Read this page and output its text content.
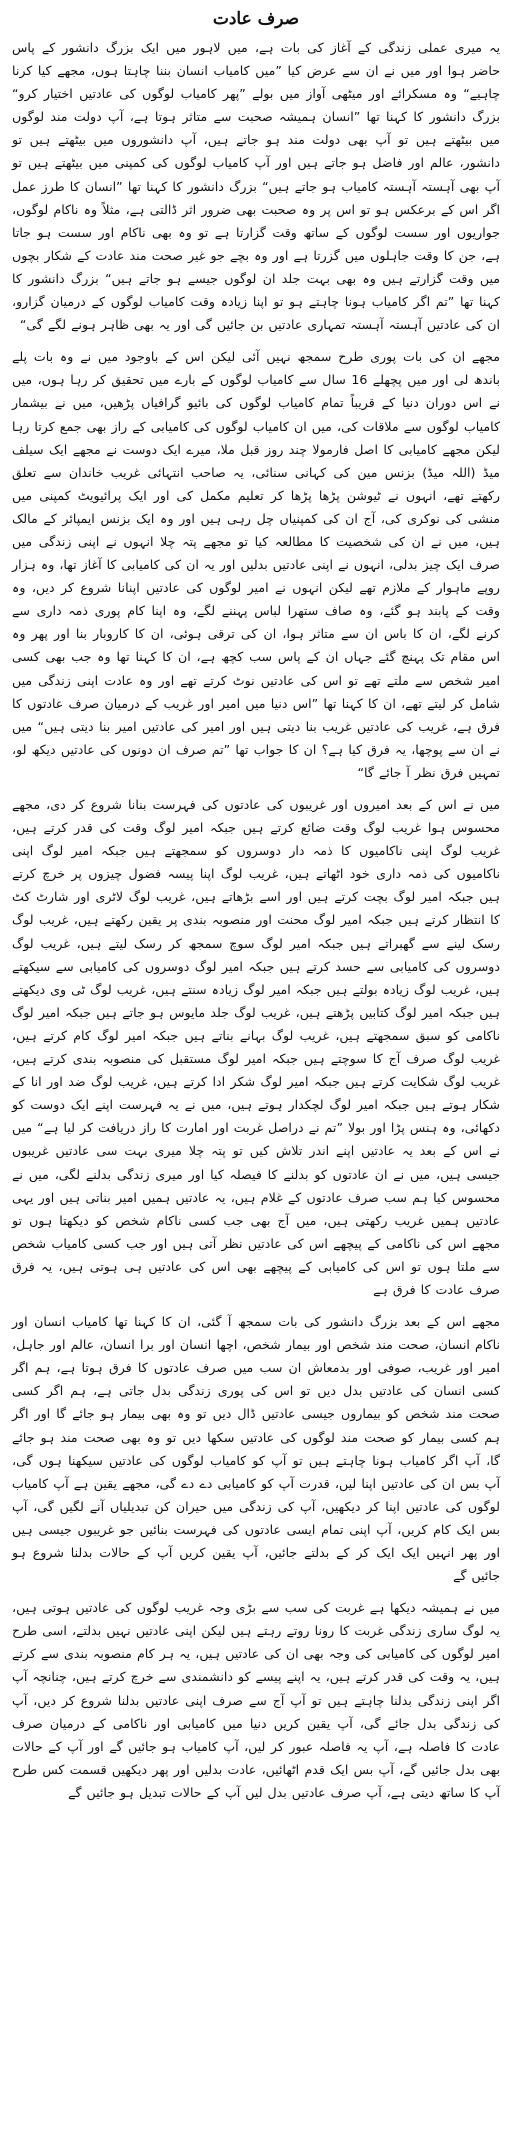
صرف عادت

یہ میری عملی زندگی کے آغاز کی بات ہے، میں لاہور میں ایک بزرگ دانشور کے پاس حاضر ہوا اور میں نے ان سے عرض کیا ”میں کامیاب انسان بننا چاہتا ہوں، مجھے کیا کرنا چاہیے“ وہ مسکرائے اور میٹھی آواز میں بولے ”پھر کامیاب لوگوں کی عادتیں اختیار کرو“ بزرگ دانشور کا کہنا تھا ”انسان ہمیشہ صحبت سے متاثر ہوتا ہے، آپ دولت مند لوگوں میں بیٹھتے ہیں تو آپ بھی دولت مند ہو جاتے ہیں، آپ دانشوروں میں بیٹھتے ہیں تو دانشور، عالم اور فاضل ہو جاتے ہیں اور آپ کامیاب لوگوں کی کمپنی میں بیٹھتے ہیں تو آپ بھی آہستہ آہستہ کامیاب ہو جاتے ہیں“ بزرگ دانشور کا کہنا تھا ”انسان کا طرز عمل اگر اس کے برعکس ہو تو اس پر وہ صحبت بھی ضرور اثر ڈالتی ہے، مثلاً وہ ناکام لوگوں، جواریوں اور سست لوگوں کے ساتھ وقت گزارتا ہے تو وہ بھی ناکام اور سست ہو جاتا ہے، جن کا وقت جاہلوں میں گزرتا ہے اور وہ بچے جو غیر صحت مند عادت کے شکار بچوں میں وقت گزارتے ہیں وہ بھی بہت جلد ان لوگوں جیسے ہو جاتے ہیں“ بزرگ دانشور کا کہنا تھا ”تم اگر کامیاب ہونا چاہتے ہو تو اپنا زیادہ وقت کامیاب لوگوں کے درمیان گزارو، ان کی عادتیں آہستہ آہستہ تمہاری عادتیں بن جائیں گی اور یہ بھی ظاہر ہونے لگے گی“

مجھے ان کی بات پوری طرح سمجھ نہیں آئی لیکن اس کے باوجود میں نے وہ بات پلے باندھ لی اور میں پچھلے 16 سال سے کامیاب لوگوں کے بارے میں تحقیق کر رہا ہوں، میں نے اس دوران دنیا کے قریباً تمام کامیاب لوگوں کی بائیو گرافیاں پڑھیں، میں نے بیشمار کامیاب لوگوں سے ملاقات کی، میں ان کامیاب لوگوں کی کامیابی کے راز بھی جمع کرتا رہا لیکن مجھے کامیابی کا اصل فارمولا چند روز قبل ملا، میرے ایک دوست نے مجھے ایک سیلف میڈ (اللہ میڈ) بزنس مین کی کہانی سنائی، یہ صاحب انتہائی غریب خاندان سے تعلق رکھتے تھے، انہوں نے ٹیوشن پڑھا پڑھا کر تعلیم مکمل کی اور ایک پرائیویٹ کمپنی میں منشی کی نوکری کی، آج ان کی کمپنیاں چل رہی ہیں اور وہ ایک بزنس ایمپائر کے مالک ہیں، میں نے ان کی شخصیت کا مطالعہ کیا تو مجھے پتہ چلا انہوں نے اپنی زندگی میں صرف ایک چیز بدلی، انہوں نے اپنی عادتیں بدلیں اور یہ ان کی کامیابی کا آغاز تھا، وہ ہزار روپے ماہوار کے ملازم تھے لیکن انہوں نے امیر لوگوں کی عادتیں اپنانا شروع کر دیں، وہ وقت کے پابند ہو گئے، وہ صاف ستھرا لباس پہننے لگے، وہ اپنا کام پوری ذمہ داری سے کرنے لگے، ان کا باس ان سے متاثر ہوا، ان کی ترقی ہوئی، ان کا کاروبار بنا اور پھر وہ اس مقام تک پہنچ گئے جہاں ان کے پاس سب کچھ ہے، ان کا کہنا تھا وہ جب بھی کسی امیر شخص سے ملتے تھے تو اس کی عادتیں نوٹ کرتے تھے اور وہ عادت اپنی زندگی میں شامل کر لیتے تھے، ان کا کہنا تھا ”اس دنیا میں امیر اور غریب کے درمیان صرف عادتوں کا فرق ہے، غریب کی عادتیں غریب بنا دیتی ہیں اور امیر کی عادتیں امیر بنا دیتی ہیں“ میں نے ان سے پوچھا، یہ فرق کیا ہے؟ ان کا جواب تھا ”تم صرف ان دونوں کی عادتیں دیکھ لو، تمہیں فرق نظر آ جائے گا“

میں نے اس کے بعد امیروں اور غریبوں کی عادتوں کی فہرست بنانا شروع کر دی، مجھے محسوس ہوا غریب لوگ وقت ضائع کرتے ہیں جبکہ امیر لوگ وقت کی قدر کرتے ہیں، غریب لوگ اپنی ناکامیوں کا ذمہ دار دوسروں کو سمجھتے ہیں جبکہ امیر لوگ اپنی ناکامیوں کی ذمہ داری خود اٹھاتے ہیں، غریب لوگ اپنا پیسہ فضول چیزوں پر خرچ کرتے ہیں جبکہ امیر لوگ بچت کرتے ہیں اور اسے بڑھاتے ہیں، غریب لوگ لاٹری اور شارٹ کٹ کا انتظار کرتے ہیں جبکہ امیر لوگ محنت اور منصوبہ بندی پر یقین رکھتے ہیں، غریب لوگ رسک لینے سے گھبراتے ہیں جبکہ امیر لوگ سوچ سمجھ کر رسک لیتے ہیں، غریب لوگ دوسروں کی کامیابی سے حسد کرتے ہیں جبکہ امیر لوگ دوسروں کی کامیابی سے سیکھتے ہیں، غریب لوگ زیادہ بولتے ہیں جبکہ امیر لوگ زیادہ سنتے ہیں، غریب لوگ ٹی وی دیکھتے ہیں جبکہ امیر لوگ کتابیں پڑھتے ہیں، غریب لوگ جلد مایوس ہو جاتے ہیں جبکہ امیر لوگ ناکامی کو سبق سمجھتے ہیں، غریب لوگ بہانے بناتے ہیں جبکہ امیر لوگ کام کرتے ہیں، غریب لوگ صرف آج کا سوچتے ہیں جبکہ امیر لوگ مستقبل کی منصوبہ بندی کرتے ہیں، غریب لوگ شکایت کرتے ہیں جبکہ امیر لوگ شکر ادا کرتے ہیں، غریب لوگ ضد اور انا کے شکار ہوتے ہیں جبکہ امیر لوگ لچکدار ہوتے ہیں، میں نے یہ فہرست اپنے ایک دوست کو دکھائی، وہ ہنس پڑا اور بولا ”تم نے دراصل غربت اور امارت کا راز دریافت کر لیا ہے“ میں نے اس کے بعد یہ عادتیں اپنے اندر تلاش کیں تو پتہ چلا میری بہت سی عادتیں غریبوں جیسی ہیں، میں نے ان عادتوں کو بدلنے کا فیصلہ کیا اور میری زندگی بدلنے لگی، میں نے محسوس کیا ہم سب صرف عادتوں کے غلام ہیں، یہ عادتیں ہمیں امیر بناتی ہیں اور یہی عادتیں ہمیں غریب رکھتی ہیں، میں آج بھی جب کسی ناکام شخص کو دیکھتا ہوں تو مجھے اس کی ناکامی کے پیچھے اس کی عادتیں نظر آتی ہیں اور جب کسی کامیاب شخص سے ملتا ہوں تو اس کی کامیابی کے پیچھے بھی اس کی عادتیں ہی ہوتی ہیں، یہ فرق صرف عادت کا فرق ہے

مجھے اس کے بعد بزرگ دانشور کی بات سمجھ آ گئی، ان کا کہنا تھا کامیاب انسان اور ناکام انسان، صحت مند شخص اور بیمار شخص، اچھا انسان اور برا انسان، عالم اور جاہل، امیر اور غریب، صوفی اور بدمعاش ان سب میں صرف عادتوں کا فرق ہوتا ہے، ہم اگر کسی انسان کی عادتیں بدل دیں تو اس کی پوری زندگی بدل جاتی ہے، ہم اگر کسی صحت مند شخص کو بیماروں جیسی عادتیں ڈال دیں تو وہ بھی بیمار ہو جائے گا اور اگر ہم کسی بیمار کو صحت مند لوگوں کی عادتیں سکھا دیں تو وہ بھی صحت مند ہو جائے گا، آپ اگر کامیاب ہونا چاہتے ہیں تو آپ کو کامیاب لوگوں کی عادتیں سیکھنا ہوں گی، آپ بس ان کی عادتیں اپنا لیں، قدرت آپ کو کامیابی دے دے گی، مجھے یقین ہے آپ کامیاب لوگوں کی عادتیں اپنا کر دیکھیں، آپ کی زندگی میں حیران کن تبدیلیاں آنے لگیں گی، آپ بس ایک کام کریں، آپ اپنی تمام ایسی عادتوں کی فہرست بنائیں جو غریبوں جیسی ہیں اور پھر انہیں ایک ایک کر کے بدلتے جائیں، آپ یقین کریں آپ کے حالات بدلنا شروع ہو جائیں گے

میں نے ہمیشہ دیکھا ہے غربت کی سب سے بڑی وجہ غریب لوگوں کی عادتیں ہوتی ہیں، یہ لوگ ساری زندگی غربت کا رونا روتے رہتے ہیں لیکن اپنی عادتیں نہیں بدلتے، اسی طرح امیر لوگوں کی کامیابی کی وجہ بھی ان کی عادتیں ہیں، یہ ہر کام منصوبہ بندی سے کرتے ہیں، یہ وقت کی قدر کرتے ہیں، یہ اپنے پیسے کو دانشمندی سے خرچ کرتے ہیں، چنانچہ آپ اگر اپنی زندگی بدلنا چاہتے ہیں تو آپ آج سے صرف اپنی عادتیں بدلنا شروع کر دیں، آپ کی زندگی بدل جائے گی، آپ یقین کریں دنیا میں کامیابی اور ناکامی کے درمیان صرف عادت کا فاصلہ ہے، آپ یہ فاصلہ عبور کر لیں، آپ کامیاب ہو جائیں گے اور آپ کے حالات بھی بدل جائیں گے، آپ بس ایک قدم اٹھائیں، عادت بدلیں اور پھر دیکھیں قسمت کس طرح آپ کا ساتھ دیتی ہے، آپ صرف عادتیں بدل لیں آپ کے حالات تبدیل ہو جائیں گے
